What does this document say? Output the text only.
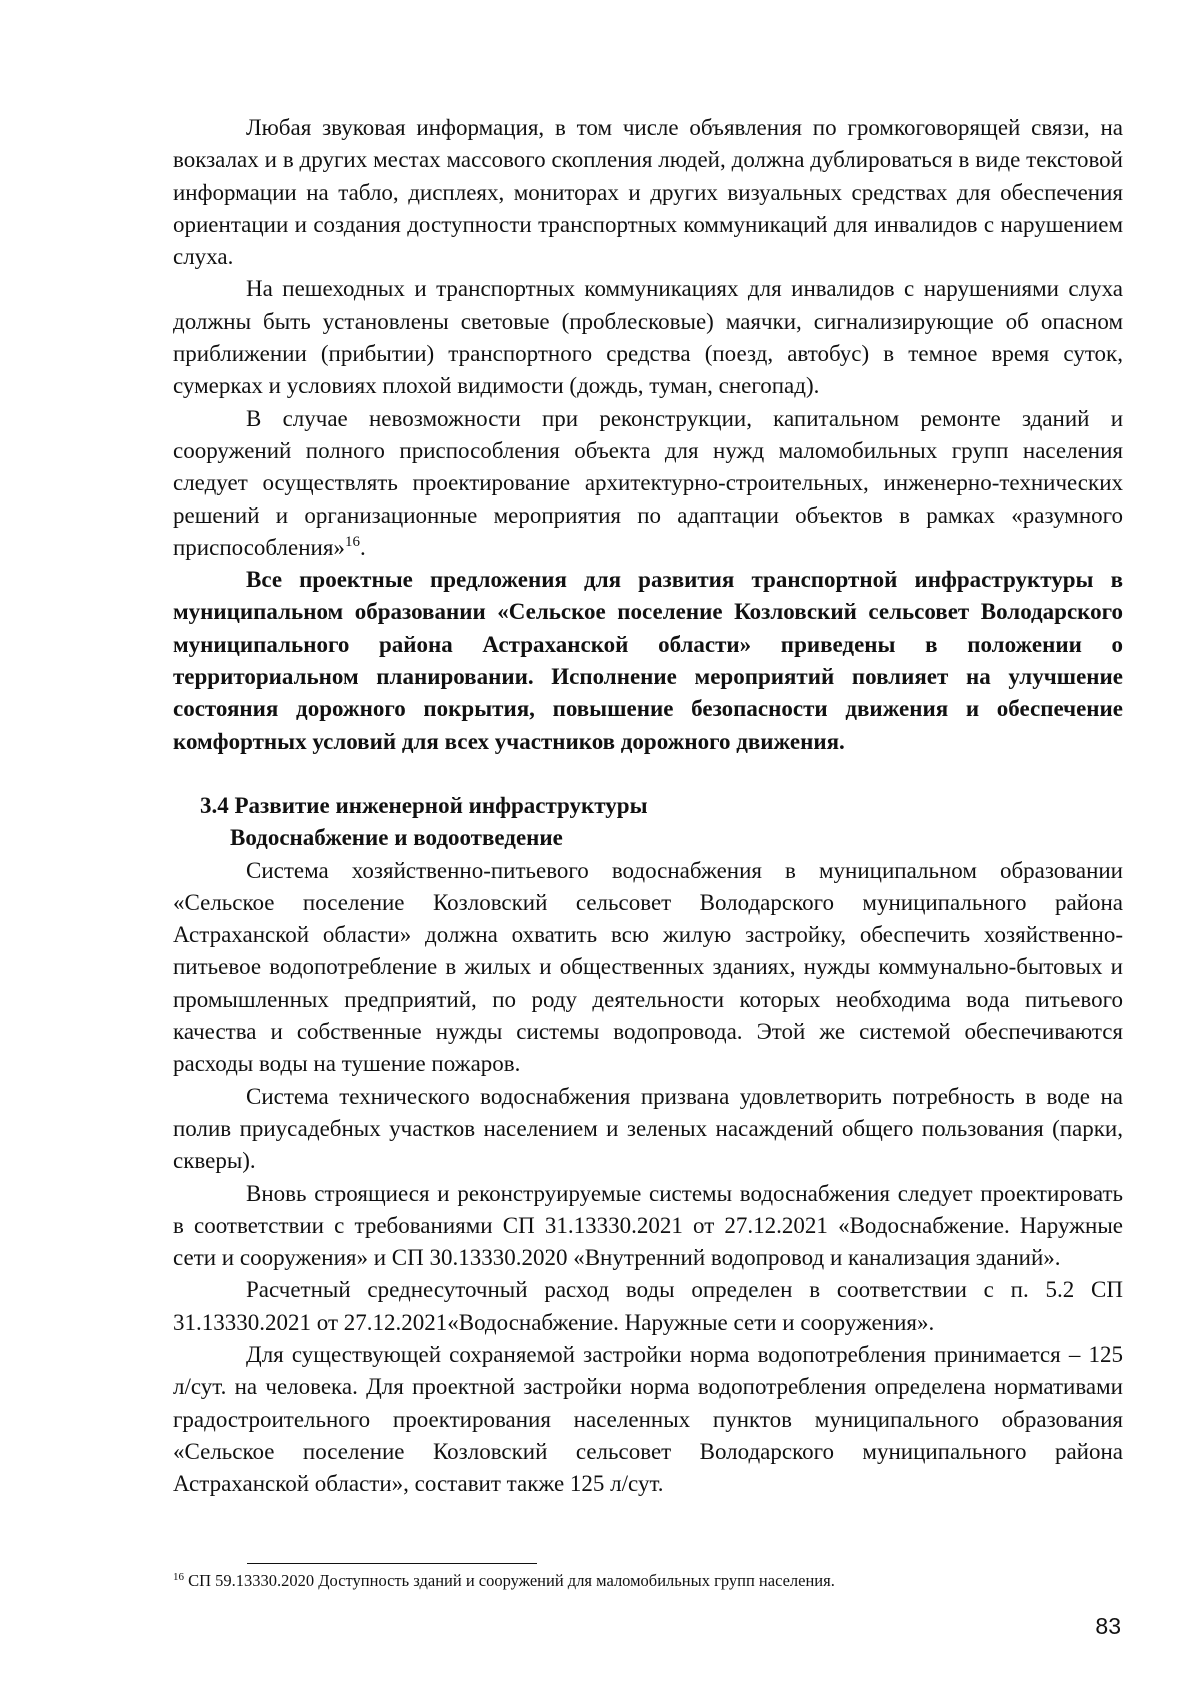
Любая звуковая информация, в том числе объявления по громкоговорящей связи, на вокзалах и в других местах массового скопления людей, должна дублироваться в виде текстовой информации на табло, дисплеях, мониторах и других визуальных средствах для обеспечения ориентации и создания доступности транспортных коммуникаций для инвалидов с нарушением слуха.

На пешеходных и транспортных коммуникациях для инвалидов с нарушениями слуха должны быть установлены световые (проблесковые) маячки, сигнализирующие об опасном приближении (прибытии) транспортного средства (поезд, автобус) в темное время суток, сумерках и условиях плохой видимости (дождь, туман, снегопад).

В случае невозможности при реконструкции, капитальном ремонте зданий и сооружений полного приспособления объекта для нужд маломобильных групп населения следует осуществлять проектирование архитектурно-строительных, инженерно-технических решений и организационные мероприятия по адаптации объектов в рамках «разумного приспособления»$^{16}$.

Все проектные предложения для развития транспортной инфраструктуры в муниципальном образовании «Сельское поселение Козловский сельсовет Володарского муниципального района Астраханской области» приведены в положении о территориальном планировании. Исполнение мероприятий повлияет на улучшение состояния дорожного покрытия, повышение безопасности движения и обеспечение комфортных условий для всех участников дорожного движения.

3.4 Развитие инженерной инфраструктуры
Водоснабжение и водоотведение

Система хозяйственно-питьевого водоснабжения в муниципальном образовании «Сельское поселение Козловский сельсовет Володарского муниципального района Астраханской области» должна охватить всю жилую застройку, обеспечить хозяйственно-питьевое водопотребление в жилых и общественных зданиях, нужды коммунально-бытовых и промышленных предприятий, по роду деятельности которых необходима вода питьевого качества и собственные нужды системы водопровода. Этой же системой обеспечиваются расходы воды на тушение пожаров.

Система технического водоснабжения призвана удовлетворить потребность в воде на полив приусадебных участков населением и зеленых насаждений общего пользования (парки, скверы).

Вновь строящиеся и реконструируемые системы водоснабжения следует проектировать в соответствии с требованиями СП 31.13330.2021 от 27.12.2021 «Водоснабжение. Наружные сети и сооружения» и СП 30.13330.2020 «Внутренний водопровод и канализация зданий».

Расчетный среднесуточный расход воды определен в соответствии с п. 5.2 СП 31.13330.2021 от 27.12.2021«Водоснабжение. Наружные сети и сооружения».

Для существующей сохраняемой застройки норма водопотребления принимается – 125 л/сут. на человека. Для проектной застройки норма водопотребления определена нормативами градостроительного проектирования населенных пунктов муниципального образования «Сельское поселение Козловский сельсовет Володарского муниципального района Астраханской области», составит также 125 л/сут.

$^{16}$ СП 59.13330.2020 Доступность зданий и сооружений для маломобильных групп населения.
83
